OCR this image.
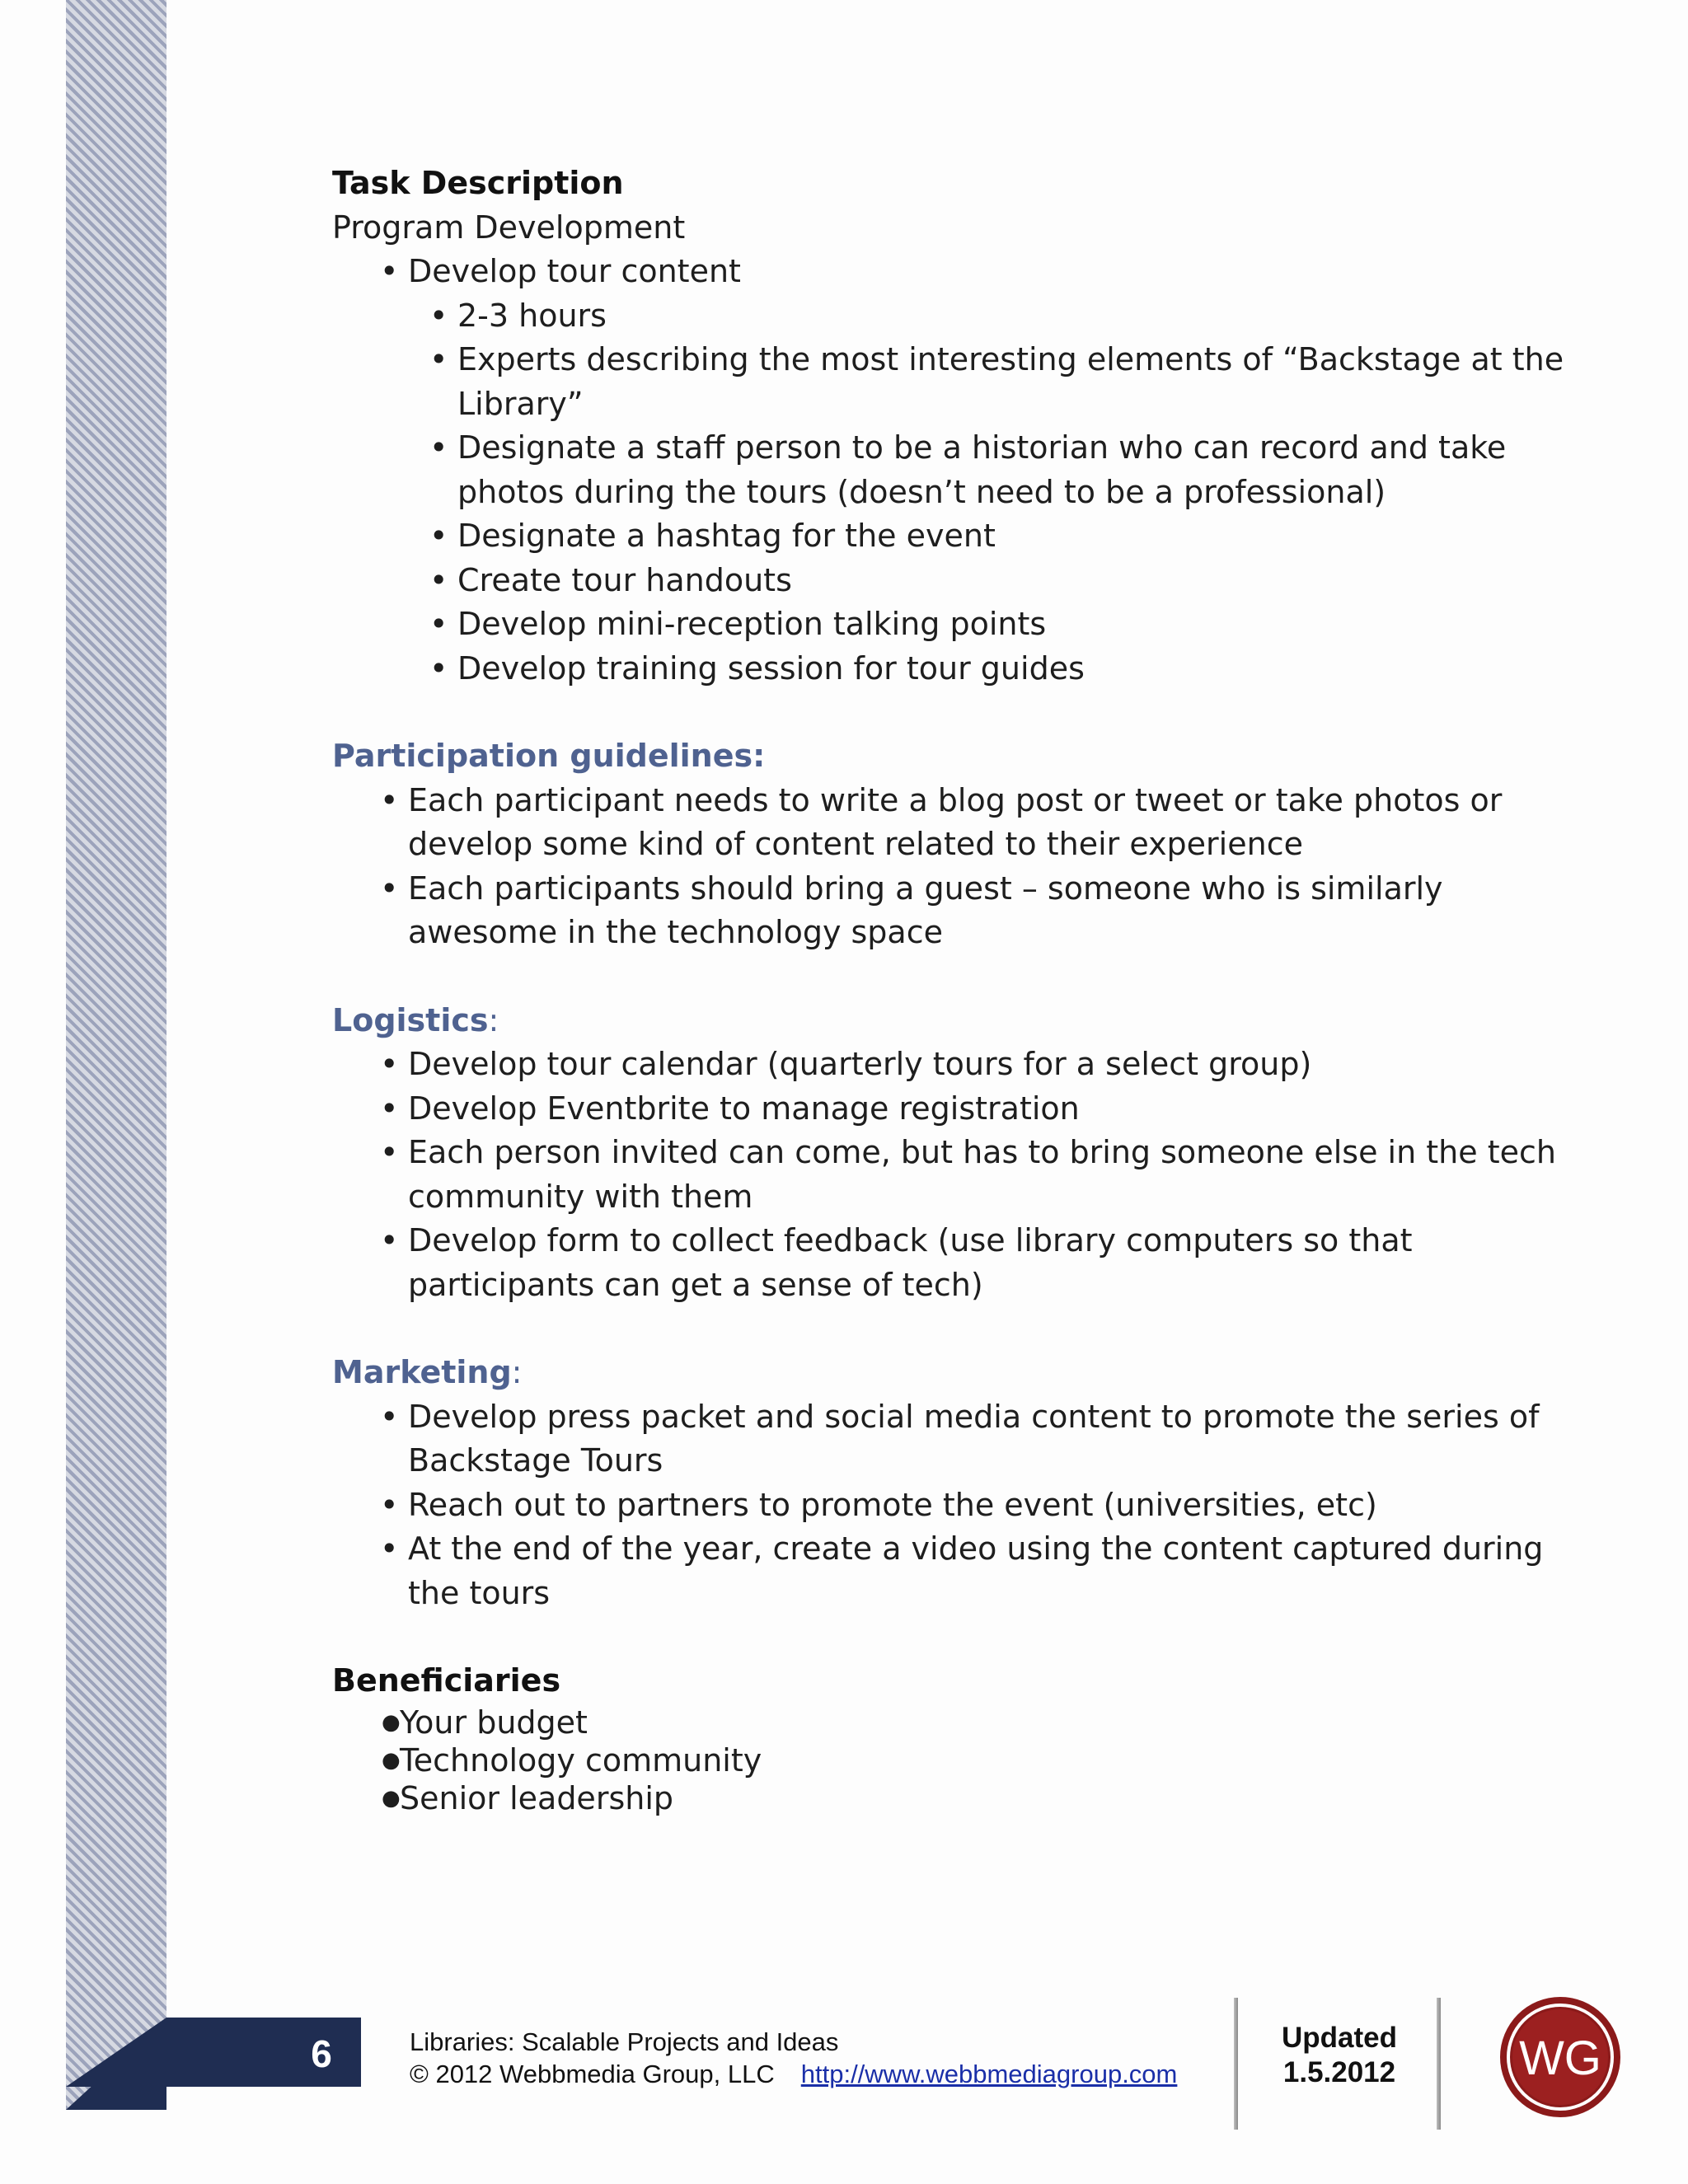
6
Task Description
Program Development
• Develop tour content
• 2-3 hours
• Experts describing the most interesting elements of “Backstage at the Library”
• Designate a staff person to be a historian who can record and take photos during the tours (doesn’t need to be a professional)
• Designate a hashtag for the event
• Create tour handouts
• Develop mini-reception talking points
• Develop training session for tour guides
Participation guidelines:
• Each participant needs to write a blog post or tweet or take photos or develop some kind of content related to their experience
• Each participants should bring a guest – someone who is similarly awesome in the technology space
Logistics:
• Develop tour calendar (quarterly tours for a select group)
• Develop Eventbrite to manage registration
• Each person invited can come, but has to bring someone else in the tech community with them
• Develop form to collect feedback (use library computers so that participants can get a sense of tech)
Marketing:
• Develop press packet and social media content to promote the series of Backstage Tours
• Reach out to partners to promote the event (universities, etc)
• At the end of the year, create a video using the content captured during the tours
Beneficiaries
● Your budget
● Technology community
● Senior leadership
Libraries: Scalable Projects and Ideas
© 2012 Webbmedia Group, LLC http://www.webbmediagroup.com
Updated
1.5.2012	WG
